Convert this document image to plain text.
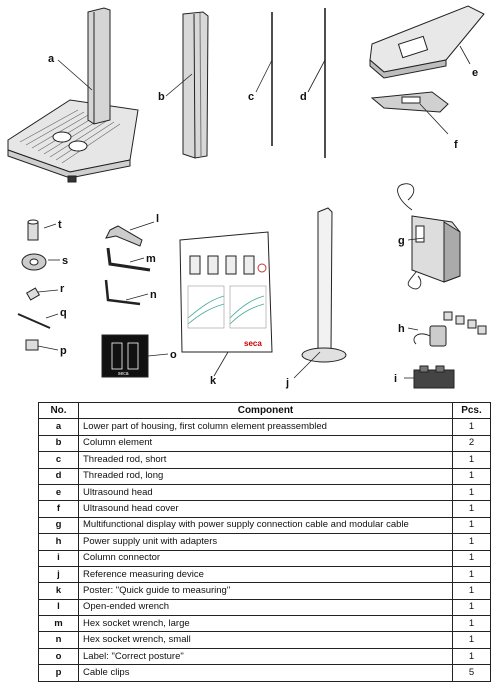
seca
a
b	c	d
e
f
g
h
i
j
k
l
m
n
o
p
q
r
s
t
seca
No.	Component	Pcs.
a	Lower part of housing, first column element preassembled	1
b	Column element	2
c	Threaded rod, short	1
d	Threaded rod, long	1
e	Ultrasound head	1
f	Ultrasound head cover	1
g	Multifunctional display with power supply connection cable and modular cable	1
h	Power supply unit with adapters	1
i	Column connector	1
j	Reference measuring device	1
k	Poster: "Quick guide to measuring"	1
l	Open-ended wrench	1
m	Hex socket wrench, large	1
n	Hex socket wrench, small	1
o	Label: "Correct posture"	1
p	Cable clips	5
